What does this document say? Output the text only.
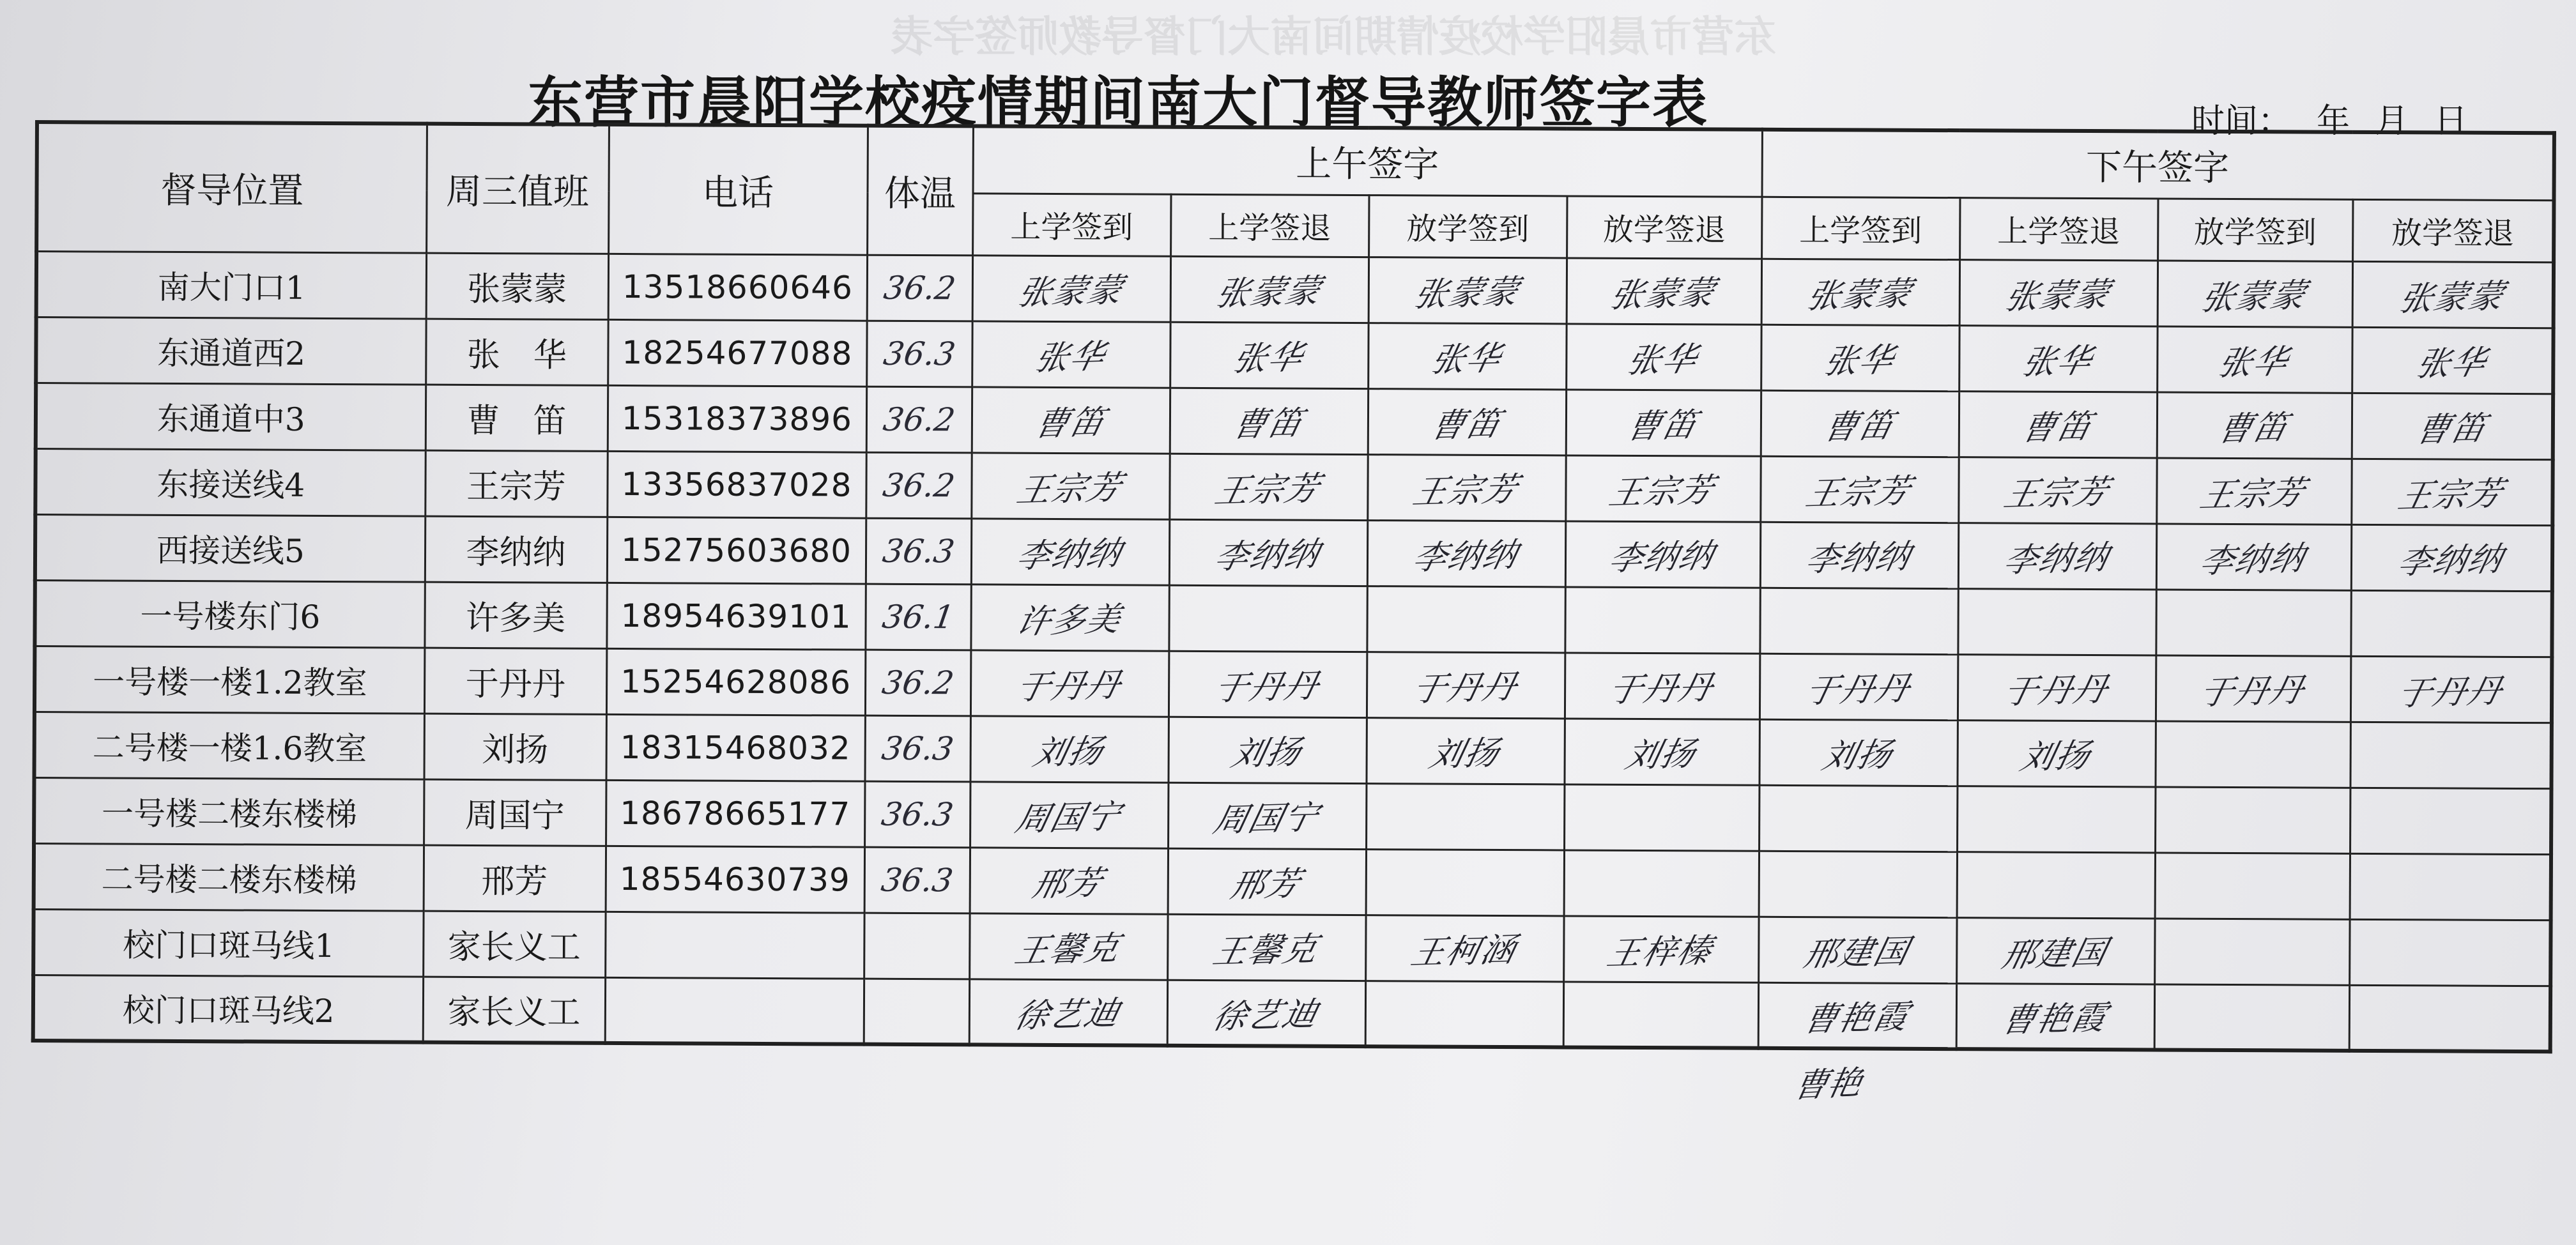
东营市晨阳学校疫情期间南大门督导教师签字表
东营市晨阳学校疫情期间南大门督导教师签字表	时间： 年 月 日
督导位置	周三值班	电话	体温	上午签字				下午签字			
				上学签到	上学签退	放学签到	放学签退	上学签到	上学签退	放学签到	放学签退
南大门口1	张蒙蒙	13518660646	36.2	张蒙蒙	张蒙蒙	张蒙蒙	张蒙蒙	张蒙蒙	张蒙蒙	张蒙蒙	张蒙蒙
东通道西2	张　华	18254677088	36.3	张华	张华	张华	张华	张华	张华	张华	张华
东通道中3	曹　笛	15318373896	36.2	曹笛	曹笛	曹笛	曹笛	曹笛	曹笛	曹笛	曹笛
东接送线4	王宗芳	13356837028	36.2	王宗芳	王宗芳	王宗芳	王宗芳	王宗芳	王宗芳	王宗芳	王宗芳
西接送线5	李纳纳	15275603680	36.3	李纳纳	李纳纳	李纳纳	李纳纳	李纳纳	李纳纳	李纳纳	李纳纳
一号楼东门6	许多美	18954639101	36.1	许多美							
一号楼一楼1.2教室	于丹丹	15254628086	36.2	于丹丹	于丹丹	于丹丹	于丹丹	于丹丹	于丹丹	于丹丹	于丹丹
二号楼一楼1.6教室	刘扬	18315468032	36.3	刘扬	刘扬	刘扬	刘扬	刘扬	刘扬		
一号楼二楼东楼梯	周国宁	18678665177	36.3	周国宁	周国宁						
二号楼二楼东楼梯	邢芳	18554630739	36.3	邢芳	邢芳						
校门口斑马线1	家长义工			王馨克	王馨克	王柯涵	王梓榛	邢建国	邢建国		
校门口斑马线2	家长义工			徐艺迪	徐艺迪			曹艳霞	曹艳霞		
曹艳
